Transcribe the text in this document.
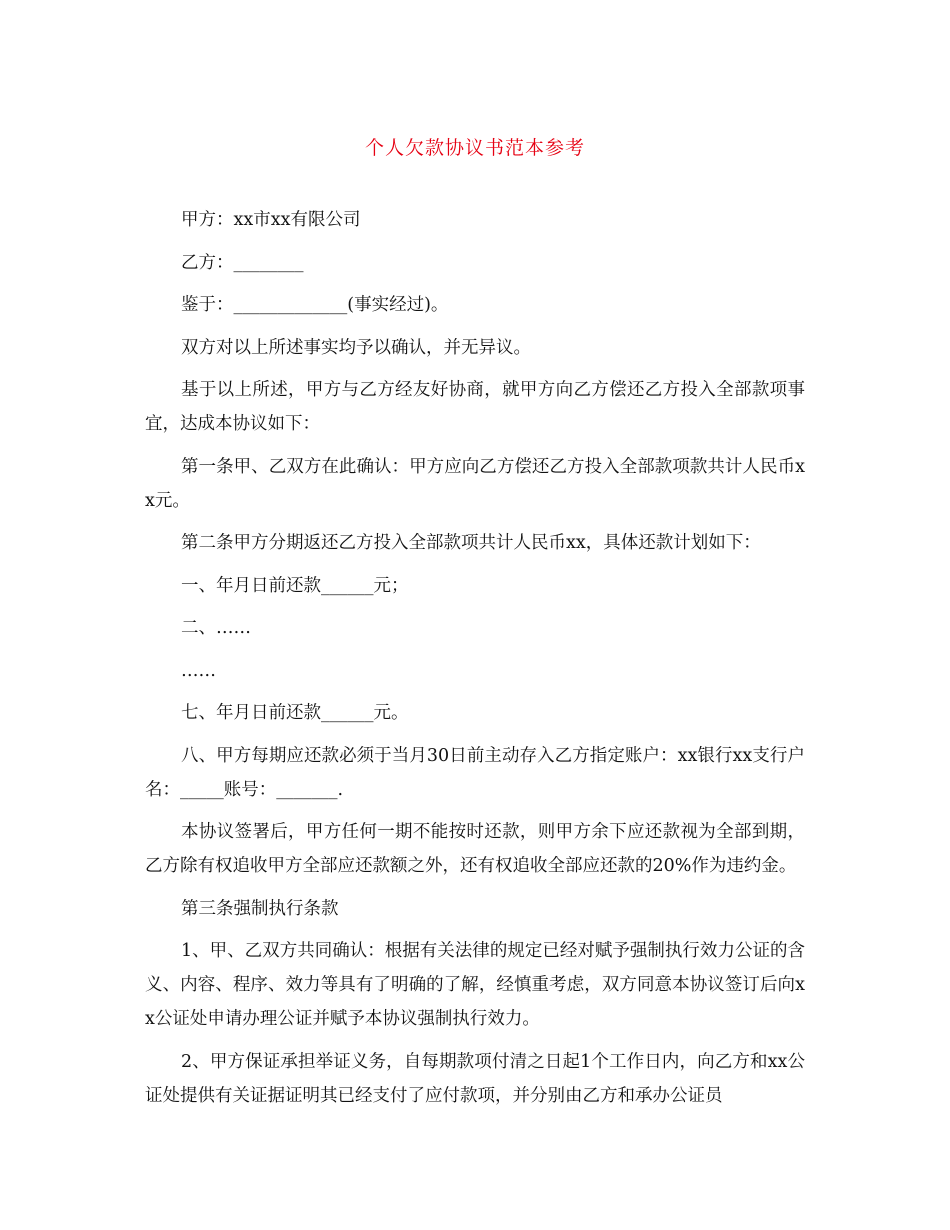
个人欠款协议书范本参考

甲方：xx市xx有限公司

乙方：________

鉴于：_____________(事实经过)。

双方对以上所述事实均予以确认，并无异议。

基于以上所述，甲方与乙方经友好协商，就甲方向乙方偿还乙方投入全部款项事宜，达成本协议如下：

第一条甲、乙双方在此确认：甲方应向乙方偿还乙方投入全部款项款共计人民币xx元。

第二条甲方分期返还乙方投入全部款项共计人民币xx，具体还款计划如下：

一、年月日前还款______元；

二、……

……

七、年月日前还款______元。

八、甲方每期应还款必须于当月30日前主动存入乙方指定账户：xx银行xx支行户名：_____账号：_______.

本协议签署后，甲方任何一期不能按时还款，则甲方余下应还款视为全部到期，乙方除有权追收甲方全部应还款额之外，还有权追收全部应还款的20%作为违约金。

第三条强制执行条款

1、甲、乙双方共同确认：根据有关法律的规定已经对赋予强制执行效力公证的含义、内容、程序、效力等具有了明确的了解，经慎重考虑，双方同意本协议签订后向xx公证处申请办理公证并赋予本协议强制执行效力。

2、甲方保证承担举证义务，自每期款项付清之日起1个工作日内，向乙方和xx公证处提供有关证据证明其已经支付了应付款项，并分别由乙方和承办公证员
